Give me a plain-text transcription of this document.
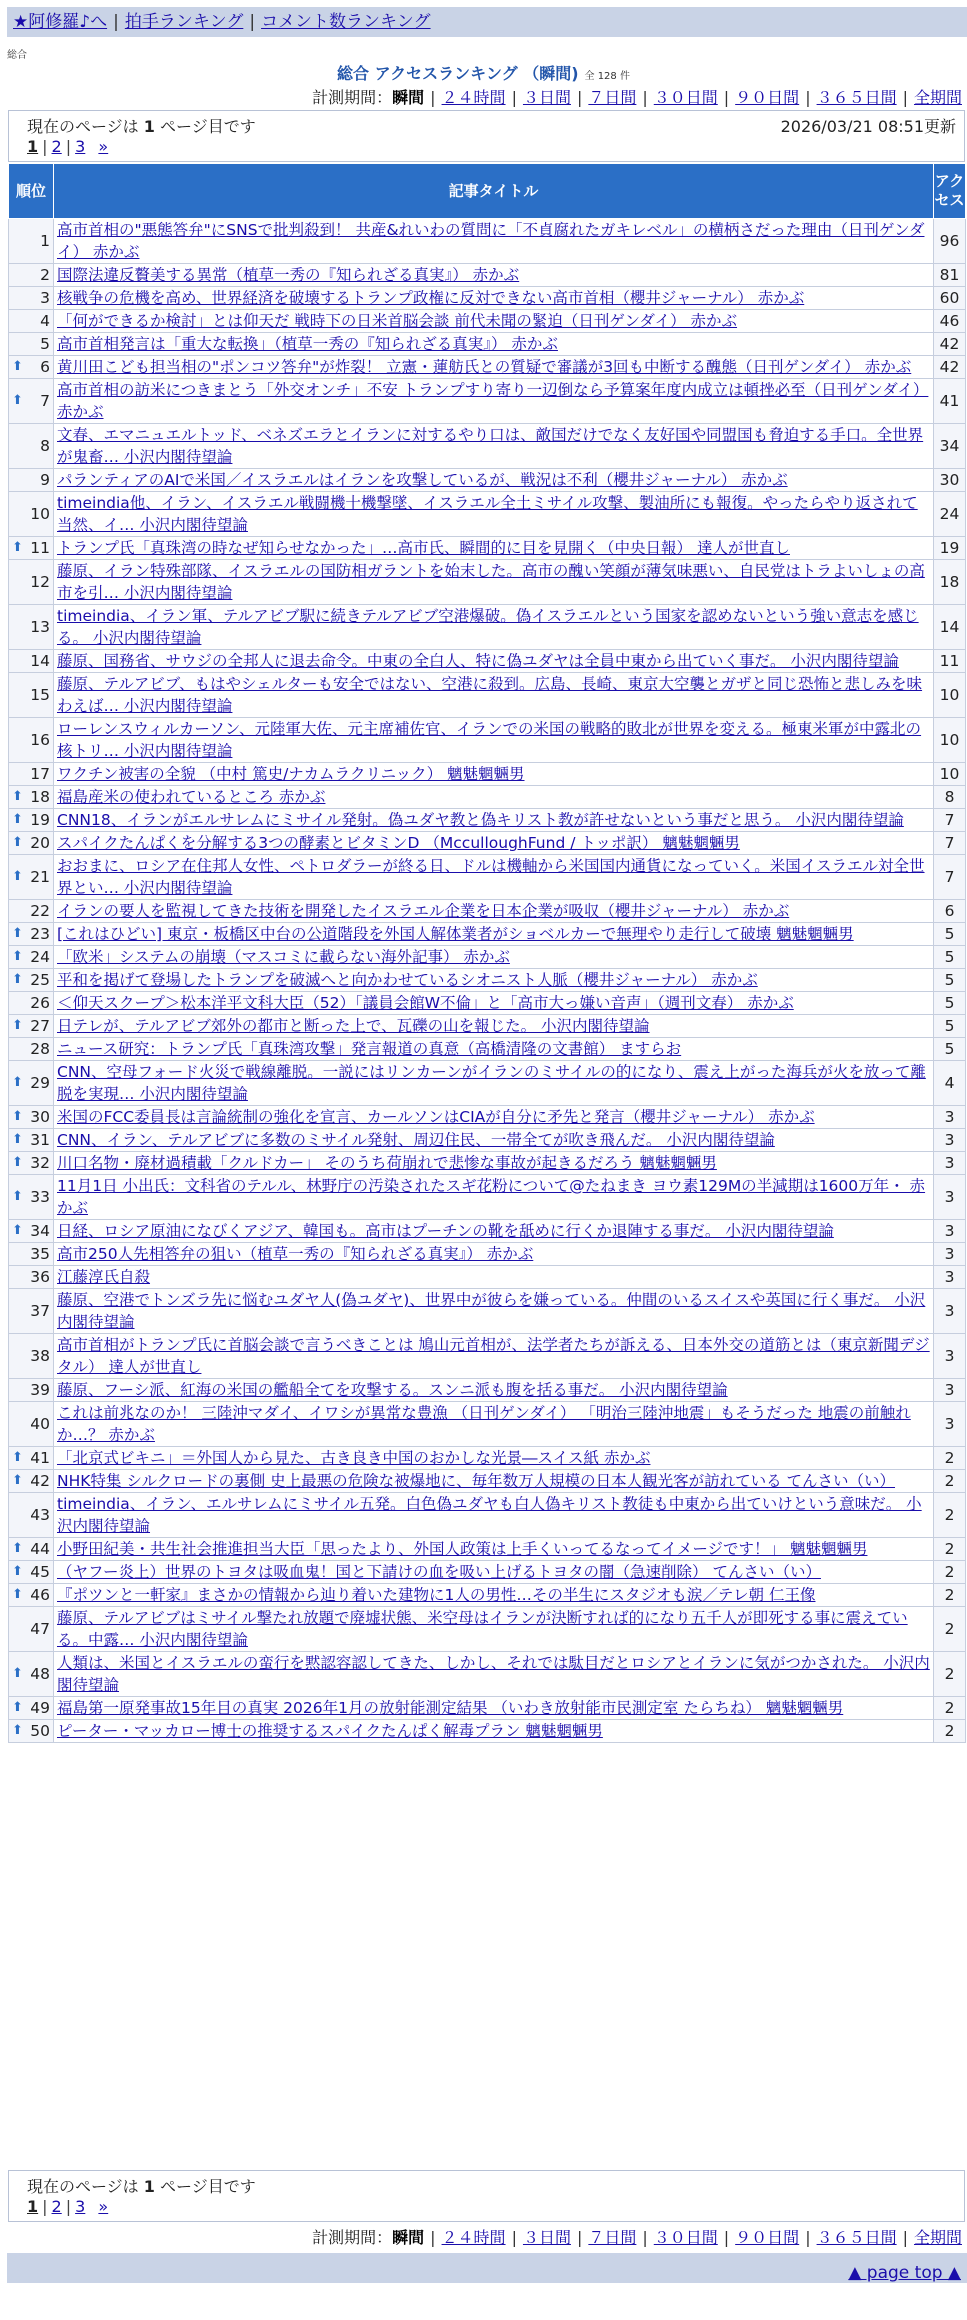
★阿修羅♪へ | 拍手ランキング | コメント数ランキング
総合
総合 アクセスランキング （瞬間) 全 128 件
計測期間：瞬間 | ２４時間 | ３日間 | ７日間 | ３０日間 | ９０日間 | ３６５日間 | 全期間
現在のページは 1 ページ目です	2026/03/21 08:51更新
1 | 2 | 3 »
順位	記事タイトル	アクセス
1	高市首相の"悪態答弁"にSNSで批判殺到！ 共産&れいわの質問に「不貞腐れたガキレベル」の横柄さだった理由（日刊ゲンダイ） 赤かぶ	96
2	国際法違反贅美する異常（植草一秀の『知られざる真実』） 赤かぶ	81
3	核戦争の危機を高め、世界経済を破壊するトランプ政権に反対できない高市首相（櫻井ジャーナル） 赤かぶ	60
4	「何ができるか検討」とは仰天だ 戦時下の日米首脳会談 前代未聞の緊迫（日刊ゲンダイ） 赤かぶ	46
5	高市首相発言は「重大な転換」（植草一秀の『知られざる真実』） 赤かぶ	42

⬆ 6	黄川田こども担当相の"ポンコツ答弁"が炸裂！ 立憲・蓮舫氏との質疑で審議が3回も中断する醜態（日刊ゲンダイ） 赤かぶ	42

⬆ 7	高市首相の訪米につきまとう「外交オンチ」不安 トランプすり寄り一辺倒なら予算案年度内成立は頓挫必至（日刊ゲンダイ） 赤かぶ	41
8	文春、エマニュエルトッド、ベネズエラとイランに対するやり口は、敵国だけでなく友好国や同盟国も脅迫する手口。全世界が鬼畜… 小沢内閣待望論	34
9	パランティアのAIで米国／イスラエルはイランを攻撃しているが、戦況は不利（櫻井ジャーナル） 赤かぶ	30
10	timeindia他、イラン、イスラエル戦闘機十機撃墜、イスラエル全土ミサイル攻撃、製油所にも報復。やったらやり返されて当然、イ… 小沢内閣待望論	24

⬆ 11	トランプ氏「真珠湾の時なぜ知らせなかった」…高市氏、瞬間的に目を見開く（中央日報） 達人が世直し	19
12	藤原、イラン特殊部隊、イスラエルの国防相ガラントを始末した。高市の醜い笑顔が薄気味悪い、自民党はトラよいしょの高市を引… 小沢内閣待望論	18
13	timeindia、イラン軍、テルアビブ駅に続きテルアビブ空港爆破。偽イスラエルという国家を認めないという強い意志を感じる。 小沢内閣待望論	14
14	藤原、国務省、サウジの全邦人に退去命令。中東の全白人、特に偽ユダヤは全員中東から出ていく事だ。 小沢内閣待望論	11
15	藤原、テルアビブ、もはやシェルターも安全ではない、空港に殺到。広島、長崎、東京大空襲とガザと同じ恐怖と悲しみを味わえば… 小沢内閣待望論	10
16	ローレンスウィルカーソン、元陸軍大佐、元主席補佐官、イランでの米国の戦略的敗北が世界を変える。極東米軍が中露北の核トリ… 小沢内閣待望論	10
17	ワクチン被害の全貌 （中村 篤史/ナカムラクリニック） 魑魅魍魎男	10

⬆ 18	福島産米の使われているところ 赤かぶ	8

⬆ 19	CNN18、イランがエルサレムにミサイル発射。偽ユダヤ教と偽キリスト教が許せないという事だと思う。 小沢内閣待望論	7

⬆ 20	スパイクたんぱくを分解する3つの酵素とビタミンD （McculloughFund / トッポ訳） 魑魅魍魎男	7

⬆ 21	おおまに、ロシア在住邦人女性、ペトロダラーが終る日、ドルは機軸から米国国内通貨になっていく。米国イスラエル対全世界とい… 小沢内閣待望論	7
22	イランの要人を監視してきた技術を開発したイスラエル企業を日本企業が吸収（櫻井ジャーナル） 赤かぶ	6

⬆ 23	[これはひどい] 東京・板橋区中台の公道階段を外国人解体業者がショベルカーで無理やり走行して破壊 魑魅魍魎男	5

⬆ 24	「欧米」システムの崩壊（マスコミに載らない海外記事） 赤かぶ	5

⬆ 25	平和を掲げて登場したトランプを破滅へと向かわせているシオニスト人脈（櫻井ジャーナル） 赤かぶ	5
26	＜仰天スクープ＞松本洋平文科大臣（52）「議員会館W不倫」と「高市大っ嫌い音声」（週刊文春） 赤かぶ	5

⬆ 27	日テレが、テルアビブ郊外の都市と断った上で、瓦礫の山を報じた。 小沢内閣待望論	5
28	ニュース研究：トランプ氏「真珠湾攻撃」発言報道の真意（高橋清隆の文書館） ますらお	5

⬆ 29	CNN、空母フォード火災で戦線離脱。一説にはリンカーンがイランのミサイルの的になり、震え上がった海兵が火を放って離脱を実現… 小沢内閣待望論	4

⬆ 30	米国のFCC委員長は言論統制の強化を宣言、カールソンはCIAが自分に矛先と発言（櫻井ジャーナル） 赤かぶ	3

⬆ 31	CNN、イラン、テルアビブに多数のミサイル発射、周辺住民、一帯全てが吹き飛んだ。 小沢内閣待望論	3

⬆ 32	川口名物・廃材過積載「クルドカー」 そのうち荷崩れで悲惨な事故が起きるだろう 魑魅魍魎男	3

⬆ 33	11月1日 小出氏：文科省のテルル、林野庁の汚染されたスギ花粉について@たねまき ヨウ素129Mの半減期は1600万年・ 赤かぶ	3

⬆ 34	日経、ロシア原油になびくアジア、韓国も。高市はプーチンの靴を舐めに行くか退陣する事だ。 小沢内閣待望論	3
35	高市250人先相答弁の狙い（植草一秀の『知られざる真実』） 赤かぶ	3
36	江藤淳氏自殺	3
37	藤原、空港でトンズラ先に悩むユダヤ人(偽ユダヤ)、世界中が彼らを嫌っている。仲間のいるスイスや英国に行く事だ。 小沢内閣待望論	3
38	高市首相がトランプ氏に首脳会談で言うべきことは 鳩山元首相が、法学者たちが訴える、日本外交の道筋とは（東京新聞デジタル） 達人が世直し	3
39	藤原、フーシ派、紅海の米国の艦船全てを攻撃する。スンニ派も腹を括る事だ。 小沢内閣待望論	3
40	これは前兆なのか！ 三陸沖マダイ、イワシが異常な豊漁 （日刊ゲンダイ） 「明治三陸沖地震」もそうだった 地震の前触れか…？ 赤かぶ	3

⬆ 41	「北京式ビキニ」＝外国人から見た、古き良き中国のおかしな光景―スイス紙 赤かぶ	2

⬆ 42	NHK特集 シルクロードの裏側 史上最悪の危険な被爆地に、毎年数万人規模の日本人観光客が訪れている てんさい（い）	2
43	timeindia、イラン、エルサレムにミサイル五発。白色偽ユダヤも白人偽キリスト教徒も中東から出ていけという意味だ。 小沢内閣待望論	2

⬆ 44	小野田紀美・共生社会推進担当大臣「思ったより、外国人政策は上手くいってるなってイメージです！」 魑魅魍魎男	2

⬆ 45	（ヤフー炎上）世界のトヨタは吸血鬼！国と下請けの血を吸い上げるトヨタの闇（急速削除） てんさい（い）	2

⬆ 46	『ポツンと一軒家』まさかの情報から辿り着いた建物に1人の男性…その半生にスタジオも涙／テレ朝 仁王像	2
47	藤原、テルアビブはミサイル撃たれ放題で廃墟状態、米空母はイランが決断すれば的になり五千人が即死する事に震えている。中露… 小沢内閣待望論	2

⬆ 48	人類は、米国とイスラエルの蛮行を黙認容認してきた、しかし、それでは駄目だとロシアとイランに気がつかされた。 小沢内閣待望論	2

⬆ 49	福島第一原発事故15年目の真実 2026年1月の放射能測定結果 （いわき放射能市民測定室 たらちね） 魑魅魍魎男	2

⬆ 50	ピーター・マッカロー博士の推奨するスパイクたんぱく解毒プラン 魑魅魍魎男	2
計測期間：瞬間 | ２４時間 | ３日間 | ７日間 | ３０日間 | ９０日間 | ３６５日間 | 全期間
現在のページは 1 ページ目です
1 | 2 | 3 »
▲ page top ▲
